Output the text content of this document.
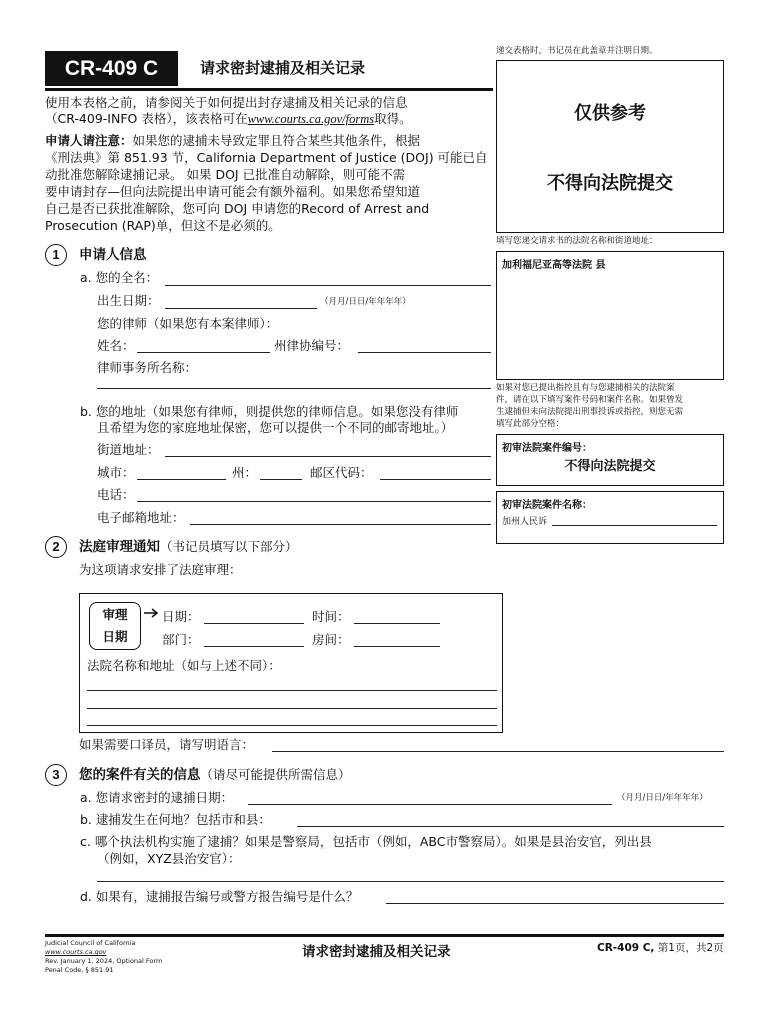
CR-409 C	请求密封逮捕及相关记录
递交表格时，书记员在此盖章并注明日期。
仅供参考
不得向法院提交
使用本表格之前，请参阅关于如何提出封存逮捕及相关记录的信息
（CR-409-INFO 表格），该表格可在www.courts.ca.gov/forms取得。
申请人请注意：如果您的逮捕未导致定罪且符合某些其他条件，根据
《刑法典》第 851.93 节，California Department of Justice (DOJ) 可能已自
动批准您解除逮捕记录。 如果 DOJ 已批准自动解除，则可能不需
要申请封存—但向法院提出申请可能会有额外福利。如果您希望知道
自己是否已获批准解除，您可向 DOJ 申请您的Record of Arrest and
Prosecution (RAP)单，但这不是必须的。
填写您递交请求书的法院名称和街道地址：
加利福尼亚高等法院 县
如果对您已提出指控且有与您逮捕相关的法院案
件，请在以下填写案件号码和案件名称。如果曾发
生逮捕但未向法院提出刑事投诉或指控，则您无需
填写此部分空格：
初审法院案件编号：
不得向法院提交
初审法院案件名称：
加州人民诉
1	申请人信息
a. 您的全名：
出生日期：	（月月/日日/年年年年）
您的律师（如果您有本案律师）：
姓名：	州律协编号：
律师事务所名称：
b. 您的地址（如果您有律师，则提供您的律师信息。如果您没有律师
且希望为您的家庭地址保密，您可以提供一个不同的邮寄地址。）
街道地址：
城市：	州：	邮区代码：
电话：
电子邮箱地址：
2	法庭审理通知（书记员填写以下部分）
为这项请求安排了法庭审理：
审理
日期
日期：	时间：
部门：	房间：
法院名称和地址（如与上述不同）：
如果需要口译员，请写明语言：
3	您的案件有关的信息（请尽可能提供所需信息）
a. 您请求密封的逮捕日期：	（月月/日日/年年年年）
b. 逮捕发生在何地？包括市和县：
c. 哪个执法机构实施了逮捕？如果是警察局，包括市（例如，ABC市警察局）。如果是县治安官，列出县
（例如，XYZ县治安官）：
d. 如果有，逮捕报告编号或警方报告编号是什么？
Judicial Council of California
www.courts.ca.gov
Rev. January 1, 2024, Optional Form
Penal Code, § 851.91
请求密封逮捕及相关记录	CR-409 C, 第1页，共2页
